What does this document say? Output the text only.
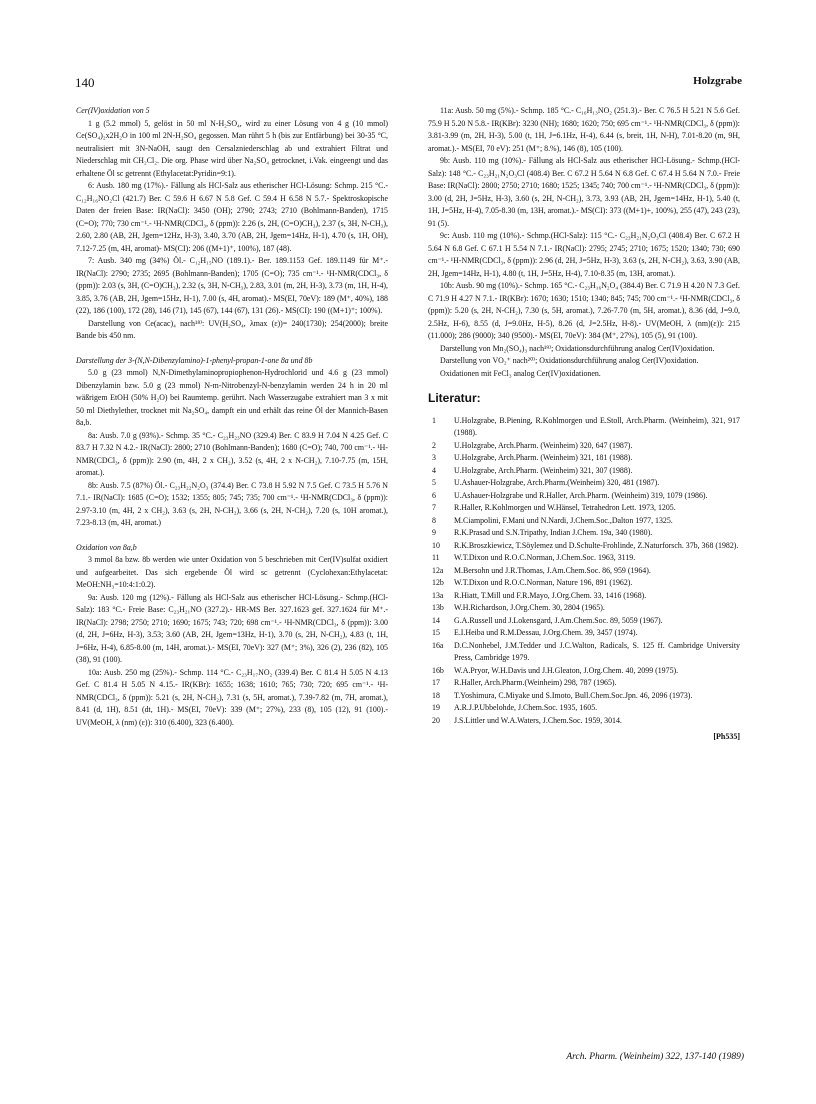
140	Holzgrabe

Cer(IV)oxidation von 5

1 g (5.2 mmol) 5, gelöst in 50 ml N-H₂SO₄, wird zu einer Lösung von 4 g (10 mmol) Ce(SO₄)₂x2H₂O in 100 ml 2N-H₂SO₄ gegossen. Man rührt 5 h (bis zur Entfärbung) bei 30-35 °C, neutralisiert mit 3N-NaOH, saugt den Cersalzniederschlag ab und extrahiert Filtrat und Niederschlag mit CH₂Cl₂. Die org. Phase wird über Na₂SO₄ getrocknet, i.Vak. eingeengt und das erhaltene Öl sc getrennt (Ethylacetat:Pyridin=9:1).

6: Ausb. 180 mg (17%).- Fällung als HCl-Salz aus etherischer HCl-Lösung: Schmp. 215 °C.- C₁₂H₁₆NO₂Cl (421.7) Ber. C 59.6 H 6.67 N 5.8 Gef. C 59.4 H 6.58 N 5.7.- Spektroskopische Daten der freien Base: IR(NaCl): 3450 (OH); 2790; 2743; 2710 (Bohlmann-Banden), 1715 (C=O); 770; 730 cm⁻¹.- ¹H-NMR(CDCl₃, δ (ppm)): 2.26 (s, 2H, (C=O)CH₃), 2.37 (s, 3H, N-CH₃), 2.60, 2.80 (AB, 2H, Jgem=12Hz, H-3), 3.40, 3.70 (AB, 2H, Jgem=14Hz, H-1), 4.70 (s, 1H, OH), 7.12-7.25 (m, 4H, aromat)- MS(CI): 206 ((M+1)⁺, 100%), 187 (48).

7: Ausb. 340 mg (34%) Öl.- C₁₂H₁₅NO (189.1).- Ber. 189.1153 Gef. 189.1149 für M⁺.- IR(NaCl): 2790; 2735; 2695 (Bohlmann-Banden); 1705 (C=O); 735 cm⁻¹.- ¹H-NMR(CDCl₃, δ (ppm)): 2.03 (s, 3H, (C=O)CH₃), 2.32 (s, 3H, N-CH₃), 2.83, 3.01 (m, 2H, H-3), 3.73 (m, 1H, H-4), 3.85, 3.76 (AB, 2H, Jgem=15Hz, H-1), 7.00 (s, 4H, aromat).- MS(EI, 70eV): 189 (M⁺, 40%), 188 (22), 186 (100), 172 (28), 146 (71), 145 (67), 144 (67), 131 (26).- MS(CI): 190 ((M+1)⁺; 100%).

Darstellung von Ce(acac)₄ nach¹⁸⁾: UV(H₂SO₄, λmax (ε))= 240(1730); 254(2000); breite Bande bis 450 nm.

Darstellung der 3-(N,N-Dibenzylamino)-1-phenyl-propan-1-one 8a und 8b

5.0 g (23 mmol) N,N-Dimethylaminopropiophenon-Hydrochlorid und 4.6 g (23 mmol) Dibenzylamin bzw. 5.0 g (23 mmol) N-m-Nitrobenzyl-N-benzylamin werden 24 h in 20 ml wäßrigem EtOH (50% H₂O) bei Raumtemp. gerührt. Nach Wasserzugabe extrahiert man 3 x mit 50 ml Diethylether, trocknet mit Na₂SO₄, dampft ein und erhält das reine Öl der Mannich-Basen 8a,b.

8a: Ausb. 7.0 g (93%).- Schmp. 35 °C.- C₂₃H₂₃NO (329.4) Ber. C 83.9 H 7.04 N 4.25 Gef. C 83.7 H 7.32 N 4.2.- IR(NaCl): 2800; 2710 (Bohlmann-Banden); 1680 (C=O); 740, 700 cm⁻¹.- ¹H-NMR(CDCl₃, δ (ppm)): 2.90 (m, 4H, 2 x CH₂), 3.52 (s, 4H, 2 x N-CH₂), 7.10-7.75 (m, 15H, aromat.).

8b: Ausb. 7.5 (87%) Öl.- C₂₃H₂₂N₂O₃ (374.4) Ber. C 73.8 H 5.92 N 7.5 Gef. C 73.5 H 5.76 N 7.1.- IR(NaCl): 1685 (C=O); 1532; 1355; 805; 745; 735; 700 cm⁻¹.- ¹H-NMR(CDCl₃, δ (ppm)): 2.97-3.10 (m, 4H, 2 x CH₂), 3.63 (s, 2H, N-CH₂), 3.66 (s, 2H, N-CH₂), 7.20 (s, 10H aromat.), 7.23-8.13 (m, 4H, aromat.)

Oxidation von 8a,b

3 mmol 8a bzw. 8b werden wie unter Oxidation von 5 beschrieben mit Cer(IV)sulfat oxidiert und aufgearbeitet. Das sich ergebende Öl wird sc getrennt (Cyclohexan:Ethylacetat: MeOH:NH₃=10:4:1:0.2).

9a: Ausb. 120 mg (12%).- Fällung als HCl-Salz aus etherischer HCl-Lösung.- Schmp.(HCl-Salz): 183 °C.- Freie Base: C₂₃H₂₁NO (327.2).- HR-MS Ber. 327.1623 gef. 327.1624 für M⁺.- IR(NaCl): 2798; 2750; 2710; 1690; 1675; 743; 720; 698 cm⁻¹.- ¹H-NMR(CDCl₃, δ (ppm)): 3.00 (d, 2H, J=6Hz, H-3), 3.53; 3.60 (AB, 2H, Jgem=13Hz, H-1), 3.70 (s, 2H, N-CH₂), 4.83 (t, 1H, J=6Hz, H-4), 6.85-8.00 (m, 14H, aromat.).- MS(EI, 70eV): 327 (M⁺; 3%), 326 (2), 236 (82), 105 (38), 91 (100).

10a: Ausb. 250 mg (25%).- Schmp. 114 °C.- C₂₃H₁₇NO₂ (339.4) Ber. C 81.4 H 5.05 N 4.13 Gef. C 81.4 H 5.05 N 4.15.- IR(KBr): 1655; 1638; 1610; 765; 730; 720; 695 cm⁻¹.- ¹H-NMR(CDCl₃, δ (ppm)): 5.21 (s, 2H, N-CH₂), 7.31 (s, 5H, aromat.), 7.39-7.82 (m, 7H, aromat.), 8.41 (d, 1H), 8.51 (dt, 1H).- MS(EI, 70eV): 339 (M⁺; 27%), 233 (8), 105 (12), 91 (100).- UV(MeOH, λ (nm) (ε)): 310 (6.400), 323 (6.400).

11a: Ausb. 50 mg (5%).- Schmp. 185 °C.- C₁₆H₁₃NO₂ (251.3).- Ber. C 76.5 H 5.21 N 5.6 Gef. 75.9 H 5.20 N 5.8.- IR(KBr): 3230 (NH); 1680; 1620; 750; 695 cm⁻¹.- ¹H-NMR(CDCl₃, δ (ppm)): 3.81-3.99 (m, 2H, H-3), 5.00 (t, 1H, J=6.1Hz, H-4), 6.44 (s, breit, 1H, N-H), 7.01-8.20 (m, 9H, aromat.).- MS(EI, 70 eV): 251 (M⁺; 8.%), 146 (8), 105 (100).

9b: Ausb. 110 mg (10%).- Fällung als HCl-Salz aus etherischer HCl-Lösung.- Schmp.(HCl-Salz): 148 °C.- C₂₃H₂₁N₂O₃Cl (408.4) Ber. C 67.2 H 5.64 N 6.8 Gef. C 67.4 H 5.64 N 7.0.- Freie Base: IR(NaCl): 2800; 2750; 2710; 1680; 1525; 1345; 740; 700 cm⁻¹.- ¹H-NMR(CDCl₃, δ (ppm)): 3.00 (d, 2H, J=5Hz, H-3), 3.60 (s, 2H, N-CH₂), 3.73, 3.93 (AB, 2H, Jgem=14Hz, H-1), 5.40 (t, 1H, J=5Hz, H-4), 7.05-8.30 (m, 13H, aromat.).- MS(CI): 373 ((M+1)+, 100%), 255 (47), 243 (23), 91 (5).

9c: Ausb. 110 mg (10%).- Schmp.(HCl-Salz): 115 °C.- C₂₃H₂₁N₂O₃Cl (408.4) Ber. C 67.2 H 5.64 N 6.8 Gef. C 67.1 H 5.54 N 7.1.- IR(NaCl): 2795; 2745; 2710; 1675; 1520; 1340; 730; 690 cm⁻¹.- ¹H-NMR(CDCl₃, δ (ppm)): 2.96 (d, 2H, J=5Hz, H-3), 3.63 (s, 2H, N-CH₂), 3.63, 3.90 (AB, 2H, Jgem=14Hz, H-1), 4.80 (t, 1H, J=5Hz, H-4), 7.10-8.35 (m, 13H, aromat.).

10b: Ausb. 90 mg (10%).- Schmp. 165 °C.- C₂₃H₁₆N₂O₄ (384.4) Ber. C 71.9 H 4.20 N 7.3 Gef. C 71.9 H 4.27 N 7.1.- IR(KBr): 1670; 1630; 1510; 1340; 845; 745; 700 cm⁻¹.- ¹H-NMR(CDCl₃, δ (ppm)): 5.20 (s, 2H, N-CH₂), 7.30 (s, 5H, aromat.), 7.26-7.70 (m, 5H, aromat.), 8.36 (dd, J=9.0, 2.5Hz, H-6), 8.55 (d, J=9.0Hz, H-5), 8.26 (d, J=2.5Hz, H-8).- UV(MeOH, λ (nm)(ε)): 215 (11.000); 286 (9000); 340 (9500).- MS(EI, 70eV): 384 (M⁺, 27%), 105 (5), 91 (100).

Darstellung von Mn₂(SO₄)₃ nach¹⁹⁾; Oxidationsdurchführung analog Cer(IV)oxidation.

Darstellung von VO₂⁺ nach²⁰⁾; Oxidationsdurchführung analog Cer(IV)oxidation.

Oxidationen mit FeCl₃ analog Cer(IV)oxidationen.

Literatur:
1	U.Holzgrabe, B.Piening, R.Kohlmorgen und E.Stoll, Arch.Pharm. (Weinheim), 321, 917 (1988).
2	U.Holzgrabe, Arch.Pharm. (Weinheim) 320, 647 (1987).
3	U.Holzgrabe, Arch.Pharm. (Weinheim) 321, 181 (1988).
4	U.Holzgrabe, Arch.Pharm. (Weinheim) 321, 307 (1988).
5	U.Ashauer-Holzgrabe, Arch.Pharm.(Weinheim) 320, 481 (1987).
6	U.Ashauer-Holzgrabe und R.Haller, Arch.Pharm. (Weinheim) 319, 1079 (1986).
7	R.Haller, R.Kohlmorgen und W.Hänsel, Tetrahedron Lett. 1973, 1205.
8	M.Ciampolini, F.Mani und N.Nardi, J.Chem.Soc.,Dalton 1977, 1325.
9	R.K.Prasad und S.N.Tripathy, Indian J.Chem. 19a, 340 (1980).
10	R.K.Broszkiewicz, T.Söylemez und D.Schulte-Frohlinde, Z.Naturforsch. 37b, 368 (1982).
11	W.T.Dixon und R.O.C.Norman, J.Chem.Soc. 1963, 3119.
12a	M.Bersohn und J.R.Thomas, J.Am.Chem.Soc. 86, 959 (1964).
12b	W.T.Dixon und R.O.C.Norman, Nature 196, 891 (1962).
13a	R.Hiatt, T.Mill und F.R.Mayo, J.Org.Chem. 33, 1416 (1968).
13b	W.H.Richardson, J.Org.Chem. 30, 2804 (1965).
14	G.A.Russell und J.Lokensgard, J.Am.Chem.Soc. 89, 5059 (1967).
15	E.I.Heiba und R.M.Dessau, J.Org.Chem. 39, 3457 (1974).
16a	D.C.Nonhebel, J.M.Tedder und J.C.Walton, Radicals, S. 125 ff. Cambridge University Press, Cambridge 1979.
16b	W.A.Pryor, W.H.Davis und J.H.Gleaton, J.Org.Chem. 40, 2099 (1975).
17	R.Haller, Arch.Pharm.(Weinheim) 298, 787 (1965).
18	T.Yoshimura, C.Miyake und S.Imoto, Bull.Chem.Soc.Jpn. 46, 2096 (1973).
19	A.R.J.P.Ubbelohde, J.Chem.Soc. 1935, 1605.
20	J.S.Littler und W.A.Waters, J.Chem.Soc. 1959, 3014.
[Ph535]
Arch. Pharm. (Weinheim) 322, 137-140 (1989)
